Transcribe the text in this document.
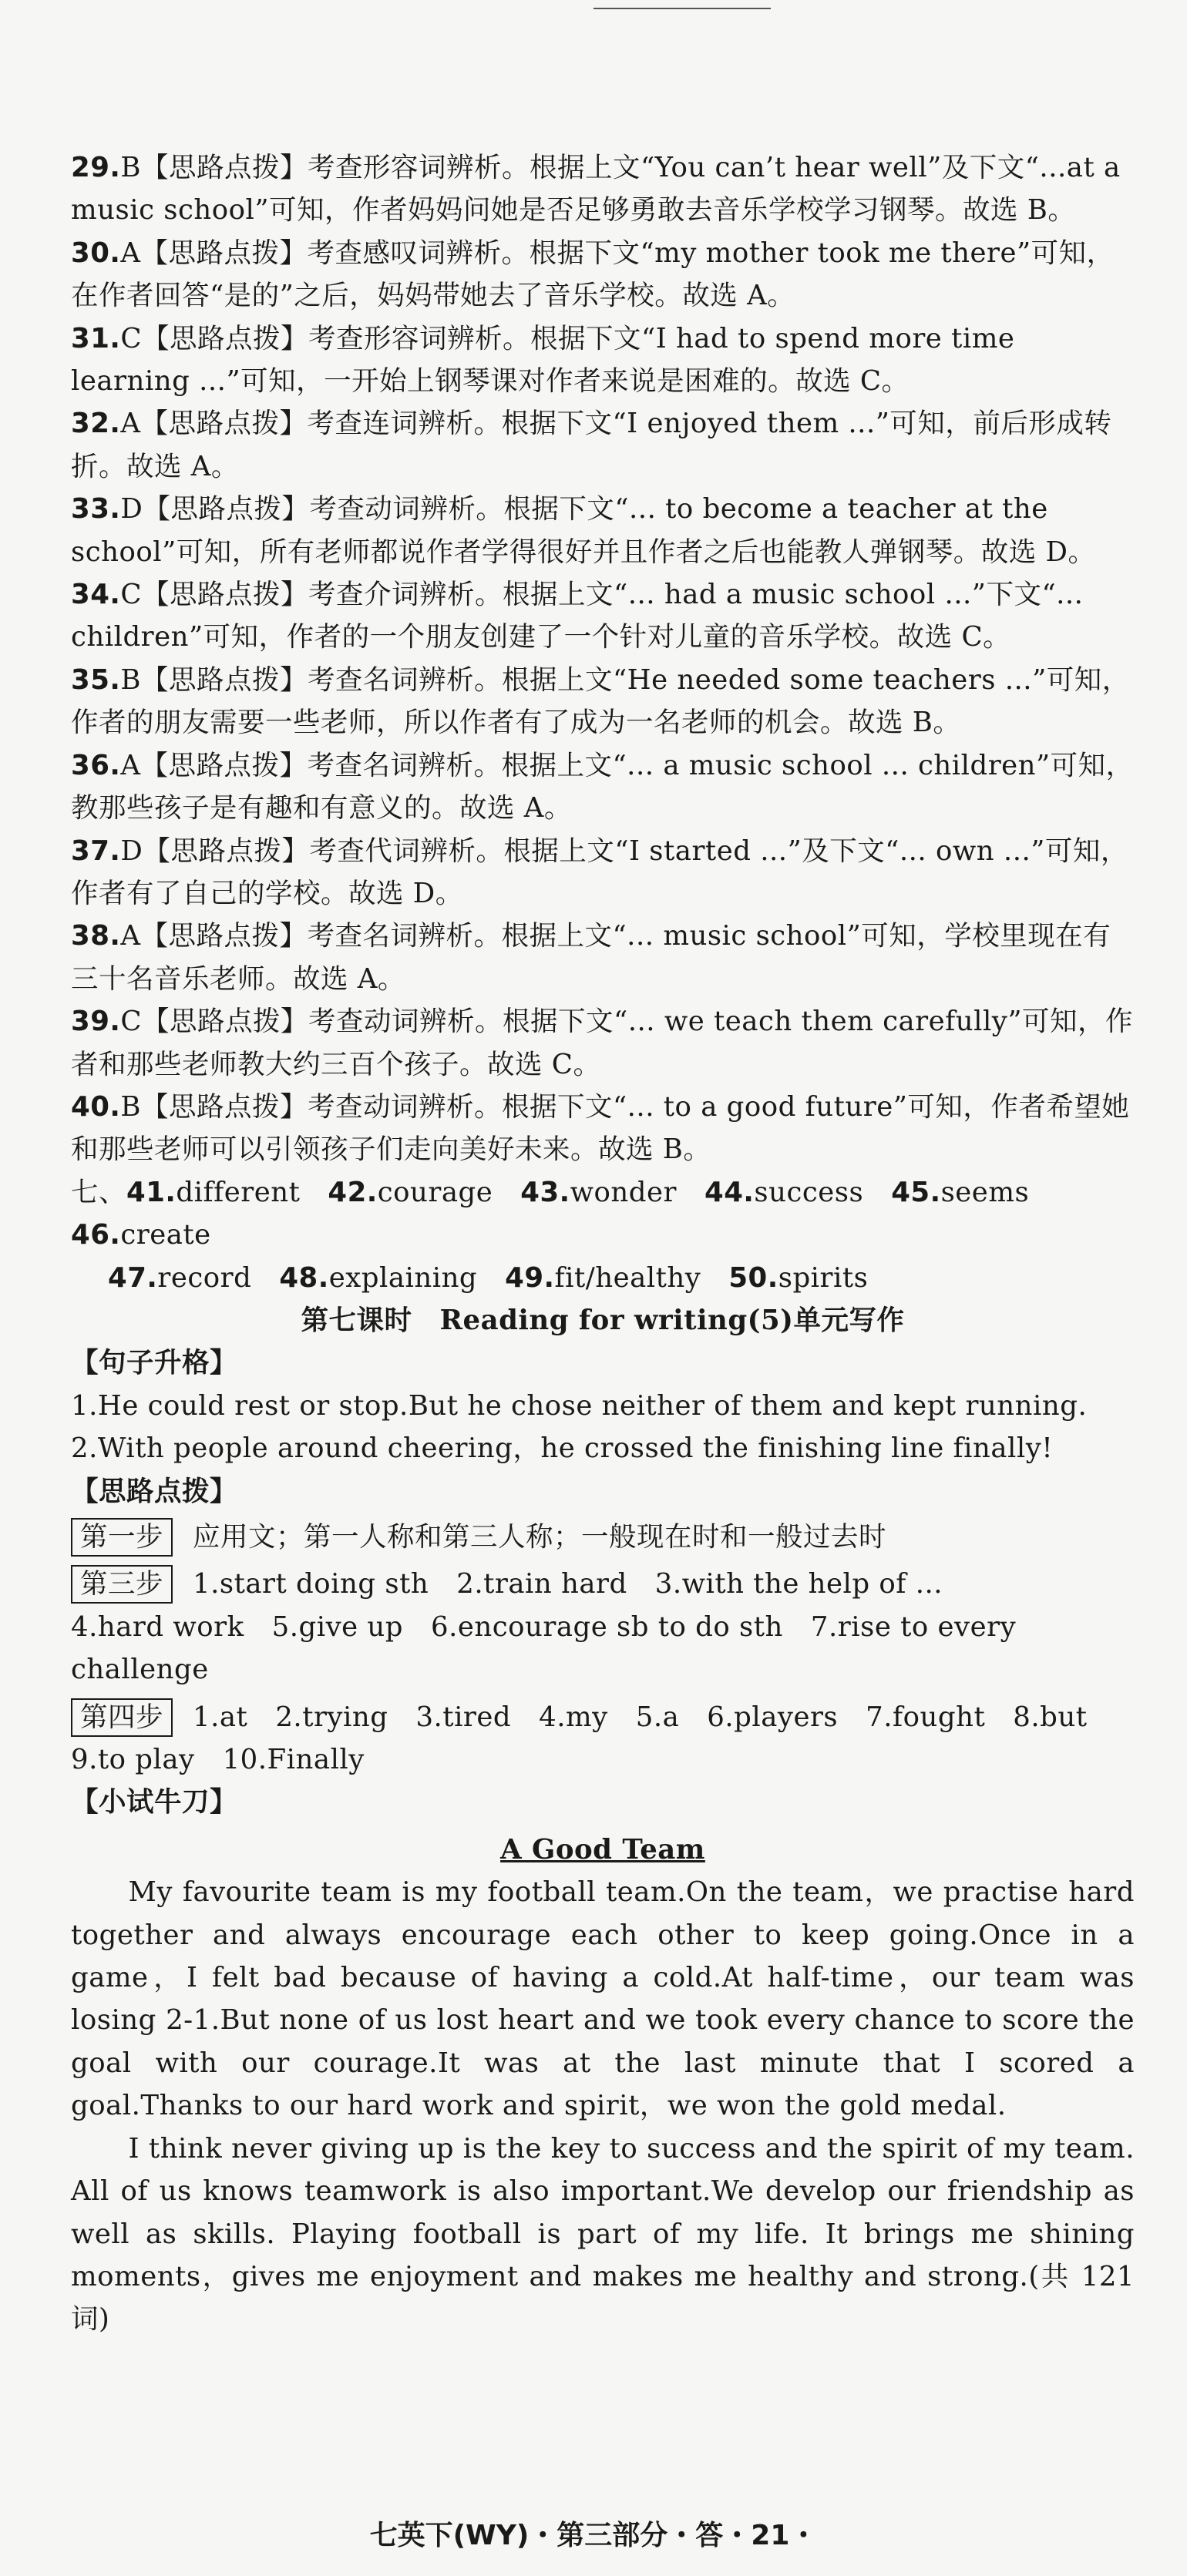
29.B【思路点拨】考查形容词辨析。根据上文“You can’t hear well”及下文“...at a music school”可知，作者妈妈问她是否足够勇敢去音乐学校学习钢琴。故选 B。

30.A【思路点拨】考查感叹词辨析。根据下文“my mother took me there”可知，在作者回答“是的”之后，妈妈带她去了音乐学校。故选 A。

31.C【思路点拨】考查形容词辨析。根据下文“I had to spend more time learning ...”可知，一开始上钢琴课对作者来说是困难的。故选 C。

32.A【思路点拨】考查连词辨析。根据下文“I enjoyed them ...”可知，前后形成转折。故选 A。

33.D【思路点拨】考查动词辨析。根据下文“... to become a teacher at the school”可知，所有老师都说作者学得很好并且作者之后也能教人弹钢琴。故选 D。

34.C【思路点拨】考查介词辨析。根据上文“... had a music school ...”下文“... children”可知，作者的一个朋友创建了一个针对儿童的音乐学校。故选 C。

35.B【思路点拨】考查名词辨析。根据上文“He needed some teachers ...”可知，作者的朋友需要一些老师，所以作者有了成为一名老师的机会。故选 B。

36.A【思路点拨】考查名词辨析。根据上文“... a music school ... children”可知，教那些孩子是有趣和有意义的。故选 A。

37.D【思路点拨】考查代词辨析。根据上文“I started ...”及下文“... own ...”可知，作者有了自己的学校。故选 D。

38.A【思路点拨】考查名词辨析。根据上文“... music school”可知，学校里现在有三十名音乐老师。故选 A。

39.C【思路点拨】考查动词辨析。根据下文“... we teach them carefully”可知，作者和那些老师教大约三百个孩子。故选 C。

40.B【思路点拨】考查动词辨析。根据下文“... to a good future”可知，作者希望她和那些老师可以引领孩子们走向美好未来。故选 B。

七、41.different 42.courage 43.wonder 44.success 45.seems46.create

47.record 48.explaining 49.fit/healthy 50.spirits

第七课时　Reading for writing(5)单元写作

【句子升格】

1.He could rest or stop.But he chose neither of them and kept running.

2.With people around cheering，he crossed the finishing line finally!

【思路点拨】

第一步 应用文；第一人称和第三人称；一般现在时和一般过去时

第三步 1.start doing sth 2.train hard 3.with the help of ...

4.hard work 5.give up 6.encourage sb to do sth 7.rise to every challenge

第四步 1.at 2.trying 3.tired 4.my 5.a 6.players 7.fought 8.but

9.to play 10.Finally

【小试牛刀】

A Good Team

My favourite team is my football team.On the team，we practise hard together and always encourage each other to keep going.Once in a game，I felt bad because of having a cold.At half-time，our team was losing 2-1.But none of us lost heart and we took every chance to score the goal with our courage.It was at the last minute that I scored a goal.Thanks to our hard work and spirit，we won the gold medal.

I think never giving up is the key to success and the spirit of my team. All of us knows teamwork is also important.We develop our friendship as well as skills. Playing football is part of my life. It brings me shining moments，gives me enjoyment and makes me healthy and strong.(共 121 词)

七英下(WY)・第三部分・答・21・
